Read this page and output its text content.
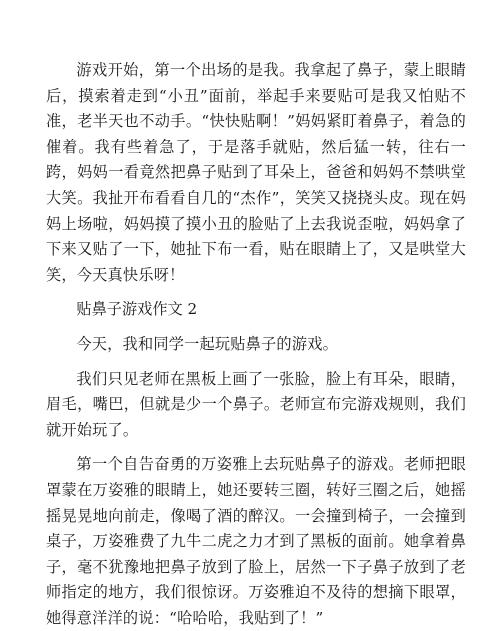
游戏开始，第一个出场的是我。我拿起了鼻子，蒙上眼睛后，摸索着走到“小丑”面前，举起手来要贴可是我又怕贴不准，老半天也不动手。“快快贴啊！”妈妈紧盯着鼻子，着急的催着。我有些着急了，于是落手就贴，然后猛一转，往右一跨，妈妈一看竟然把鼻子贴到了耳朵上，爸爸和妈妈不禁哄堂大笑。我扯开布看看自几的“杰作”，笑笑又挠挠头皮。现在妈妈上场啦，妈妈摸了摸小丑的脸贴了上去我说歪啦，妈妈拿了下来又贴了一下，她扯下布一看，贴在眼睛上了，又是哄堂大笑，今天真快乐呀！

贴鼻子游戏作文 2

今天，我和同学一起玩贴鼻子的游戏。

我们只见老师在黑板上画了一张脸，脸上有耳朵，眼睛，眉毛，嘴巴，但就是少一个鼻子。老师宣布完游戏规则，我们就开始玩了。

第一个自告奋勇的万姿雅上去玩贴鼻子的游戏。老师把眼罩蒙在万姿雅的眼睛上，她还要转三圈，转好三圈之后，她摇摇晃晃地向前走，像喝了酒的醉汉。一会撞到椅子，一会撞到桌子，万姿雅费了九牛二虎之力才到了黑板的面前。她拿着鼻子，毫不犹豫地把鼻子放到了脸上，居然一下子鼻子放到了老师指定的地方，我们很惊讶。万姿雅迫不及待的想摘下眼罩，她得意洋洋的说：“哈哈哈，我贴到了！”
